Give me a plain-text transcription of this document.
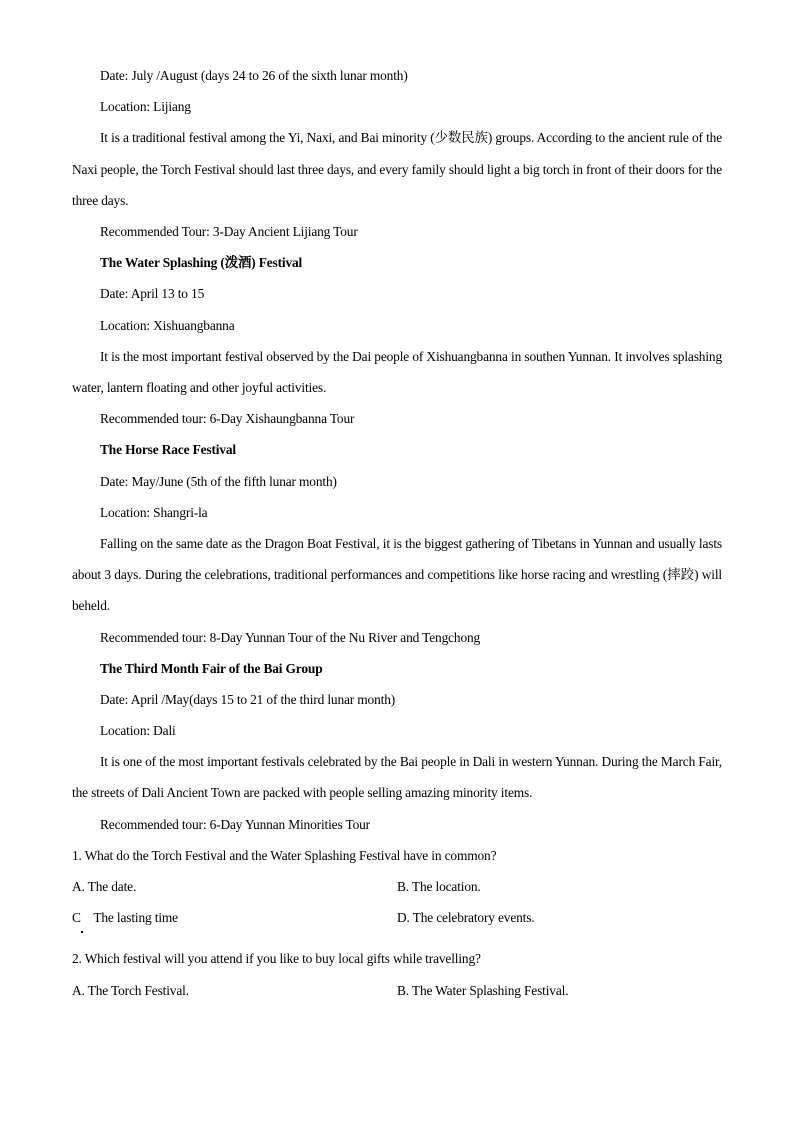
Date: July /August (days 24 to 26 of the sixth lunar month)
Location: Lijiang

It is a traditional festival among the Yi, Naxi, and Bai minority (少数民族) groups. According to the ancient rule of the Naxi people, the Torch Festival should last three days, and every family should light a big torch in front of their doors for the three days.

Recommended Tour: 3-Day Ancient Lijiang Tour
The Water Splashing (泼酒) Festival
Date: April 13 to 15
Location: Xishuangbanna

It is the most important festival observed by the Dai people of Xishuangbanna in southen Yunnan. It involves splashing water, lantern floating and other joyful activities.

Recommended tour: 6-Day Xishaungbanna Tour
The Horse Race Festival
Date: May/June (5th of the fifth lunar month)
Location: Shangri-la

Falling on the same date as the Dragon Boat Festival, it is the biggest gathering of Tibetans in Yunnan and usually lasts about 3 days. During the celebrations, traditional performances and competitions like horse racing and wrestling (摔跤) will beheld.

Recommended tour: 8-Day Yunnan Tour of the Nu River and Tengchong
The Third Month Fair of the Bai Group
Date: April /May(days 15 to 21 of the third lunar month)
Location: Dali

It is one of the most important festivals celebrated by the Bai people in Dali in western Yunnan. During the March Fair, the streets of Dali Ancient Town are packed with people selling amazing minority items.

Recommended tour: 6-Day Yunnan Minorities Tour
1. What do the Torch Festival and the Water Splashing Festival have in common?
A. The date.	B. The location.
C    The lasting time	D. The celebratory events.
2. Which festival will you attend if you like to buy local gifts while travelling?
A. The Torch Festival.	B. The Water Splashing Festival.
